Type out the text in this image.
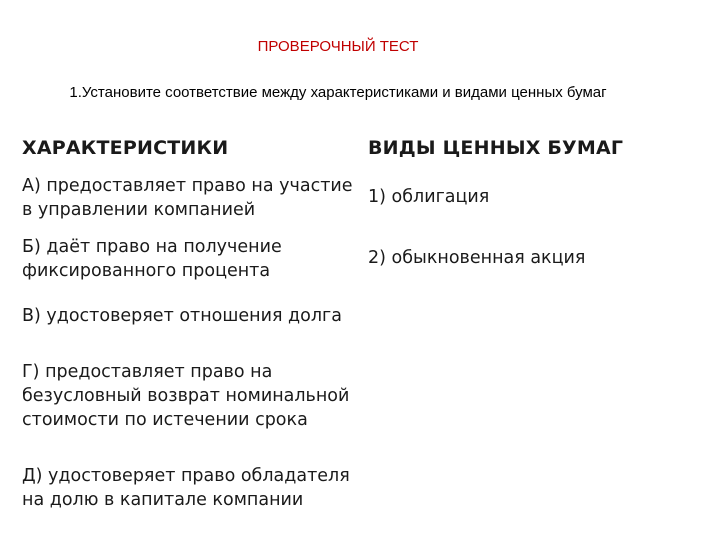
ПРОВЕРОЧНЫЙ ТЕСТ
1.Установите соответствие между характеристиками и видами ценных бумаг
ХАРАКТЕРИСТИКИ	ВИДЫ ЦЕННЫХ БУМАГ
А) предоставляет право на участие в управлении компанией
Б) даёт право на получение фиксированного процента
В) удостоверяет отношения долга
Г) предоставляет право на безусловный возврат номинальной стоимости по истечении срока
Д) удостоверяет право обладателя на долю в капитале компании
1) облигация
2) обыкновенная акция
